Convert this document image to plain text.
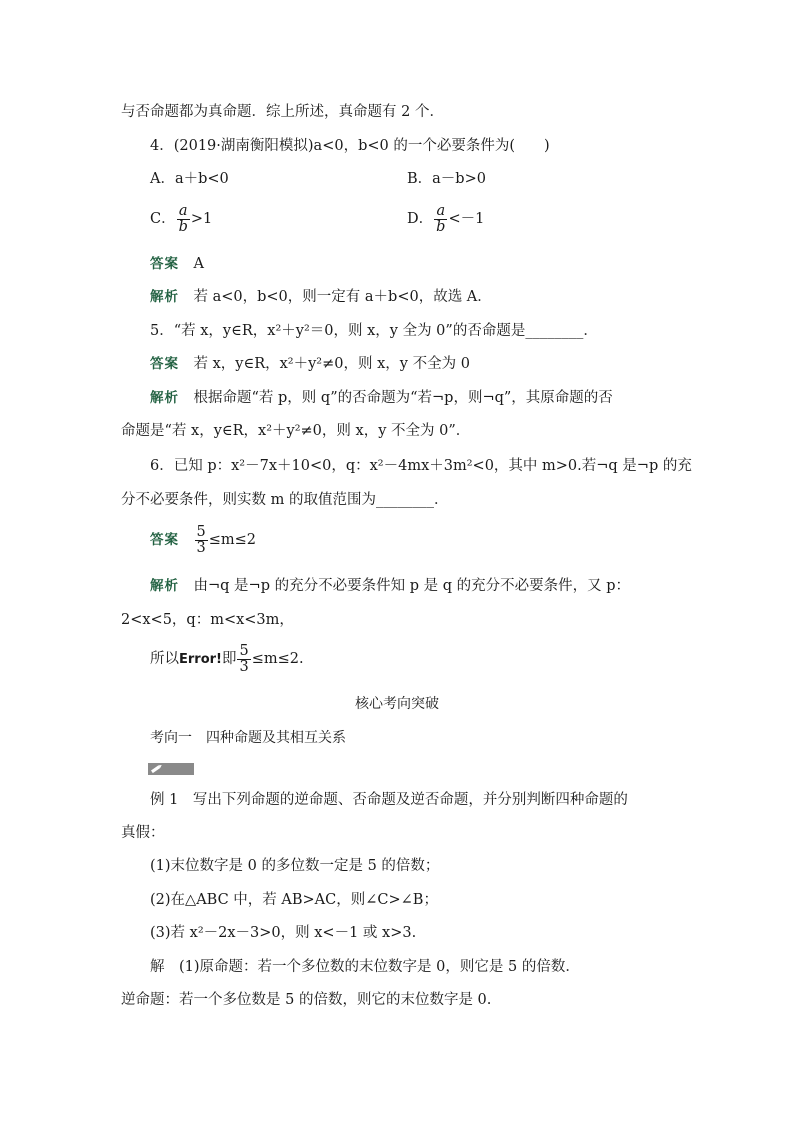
与否命题都为真命题．综上所述，真命题有 2 个．
4．(2019·湖南衡阳模拟)a<0，b<0 的一个必要条件为(　　)
A．a＋b<0	B．a－b>0
C． $\frac{a}{b} >1$	D． $\frac{a}{b} <-1$
答案　 A
解析　 若 a<0，b<0，则一定有 a＋b<0，故选 A．
5．“若 x，y∈R，x²＋y²＝0，则 x，y 全为 0”的否命题是________．
答案　 若 x，y∈R，x²＋y²≠0，则 x，y 不全为 0
解析　 根据命题“若 p，则 q”的否命题为“若¬p，则¬q”，其原命题的否
命题是“若 x，y∈R，x²＋y²≠0，则 x，y 不全为 0”．
6．已知 p：x²－7x＋10<0，q：x²－4mx＋3m²<0，其中 m>0.若¬q 是¬p 的充
分不必要条件，则实数 m 的取值范围为________．
答案　 $\frac{5}{3} \le m\le 2$
解析　 由¬q 是¬p 的充分不必要条件知 p 是 q 的充分不必要条件，又 p：
2<x<5，q：m<x<3m，
所以Error!即 $\frac{5}{3} \le m\le 2$.
核心考向突破
考向一　四种命题及其相互关系
例 1　写出下列命题的逆命题、否命题及逆否命题，并分别判断四种命题的
真假：
(1)末位数字是 0 的多位数一定是 5 的倍数；
(2)在△ABC 中，若 AB>AC，则∠C>∠B；
(3)若 x²－2x－3>0，则 x<－1 或 x>3.
解　(1)原命题：若一个多位数的末位数字是 0，则它是 5 的倍数．
逆命题：若一个多位数是 5 的倍数，则它的末位数字是 0.
